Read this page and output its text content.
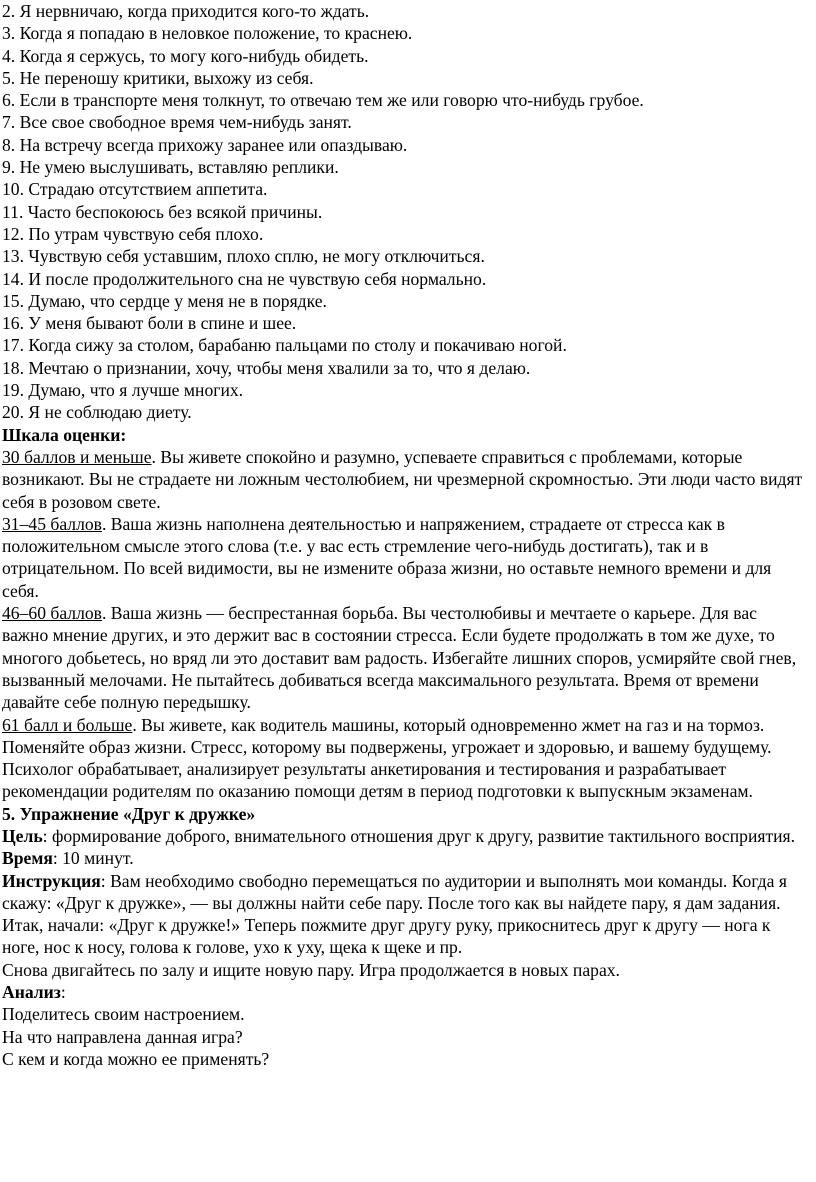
2. Я нервничаю, когда приходится кого-то ждать.

3. Когда я попадаю в неловкое положение, то краснею.

4. Когда я сержусь, то могу кого-нибудь обидеть.

5. Не переношу критики, выхожу из себя.

6. Если в транспорте меня толкнут, то отвечаю тем же или говорю что-нибудь грубое.

7. Все свое свободное время чем-нибудь занят.

8. На встречу всегда прихожу заранее или опаздываю.

9. Не умею выслушивать, вставляю реплики.

10. Страдаю отсутствием аппетита.

11. Часто беспокоюсь без всякой причины.

12. По утрам чувствую себя плохо.

13. Чувствую себя уставшим, плохо сплю, не могу отключиться.

14. И после продолжительного сна не чувствую себя нормально.

15. Думаю, что сердце у меня не в порядке.

16. У меня бывают боли в спине и шее.

17. Когда сижу за столом, барабаню пальцами по столу и покачиваю ногой.

18. Мечтаю о признании, хочу, чтобы меня хвалили за то, что я делаю.

19. Думаю, что я лучше многих.

20. Я не соблюдаю диету.

Шкала оценки:

30 баллов и меньше. Вы живете спокойно и разумно, успеваете справиться с проблемами, которые возникают. Вы не страдаете ни ложным честолюбием, ни чрезмерной скромностью. Эти люди часто видят себя в розовом свете.

31–45 баллов. Ваша жизнь наполнена деятельностью и напряжением, страдаете от стресса как в положительном смысле этого слова (т.е. у вас есть стремление чего-нибудь достигать), так и в отрицательном. По всей видимости, вы не измените образа жизни, но оставьте немного времени и для себя.

46–60 баллов. Ваша жизнь — беспрестанная борьба. Вы честолюбивы и мечтаете о карьере. Для вас важно мнение других, и это держит вас в состоянии стресса. Если будете продолжать в том же духе, то многого добьетесь, но вряд ли это доставит вам радость. Избегайте лишних споров, усмиряйте свой гнев, вызванный мелочами. Не пытайтесь добиваться всегда максимального результата. Время от времени давайте себе полную передышку.

61 балл и больше. Вы живете, как водитель машины, который одновременно жмет на газ и на тормоз. Поменяйте образ жизни. Стресс, которому вы подвержены, угрожает и здоровью, и вашему будущему.

Психолог обрабатывает, анализирует результаты анкетирования и тестирования и разрабатывает рекомендации родителям по оказанию помощи детям в период подготовки к выпускным экзаменам.

5. Упражнение «Друг к дружке»

Цель: формирование доброго, внимательного отношения друг к другу, развитие тактильного восприятия.

Время: 10 минут.

Инструкция: Вам необходимо свободно перемещаться по аудитории и выполнять мои команды. Когда я скажу: «Друг к дружке», — вы должны найти себе пару. После того как вы найдете пару, я дам задания.

Итак, начали: «Друг к дружке!» Теперь пожмите друг другу руку, прикоснитесь друг к другу — нога к ноге, нос к носу, голова к голове, ухо к уху, щека к щеке и пр.

Снова двигайтесь по залу и ищите новую пару. Игра продолжается в новых парах.

Анализ:

Поделитесь своим настроением.

На что направлена данная игра?

С кем и когда можно ее применять?
